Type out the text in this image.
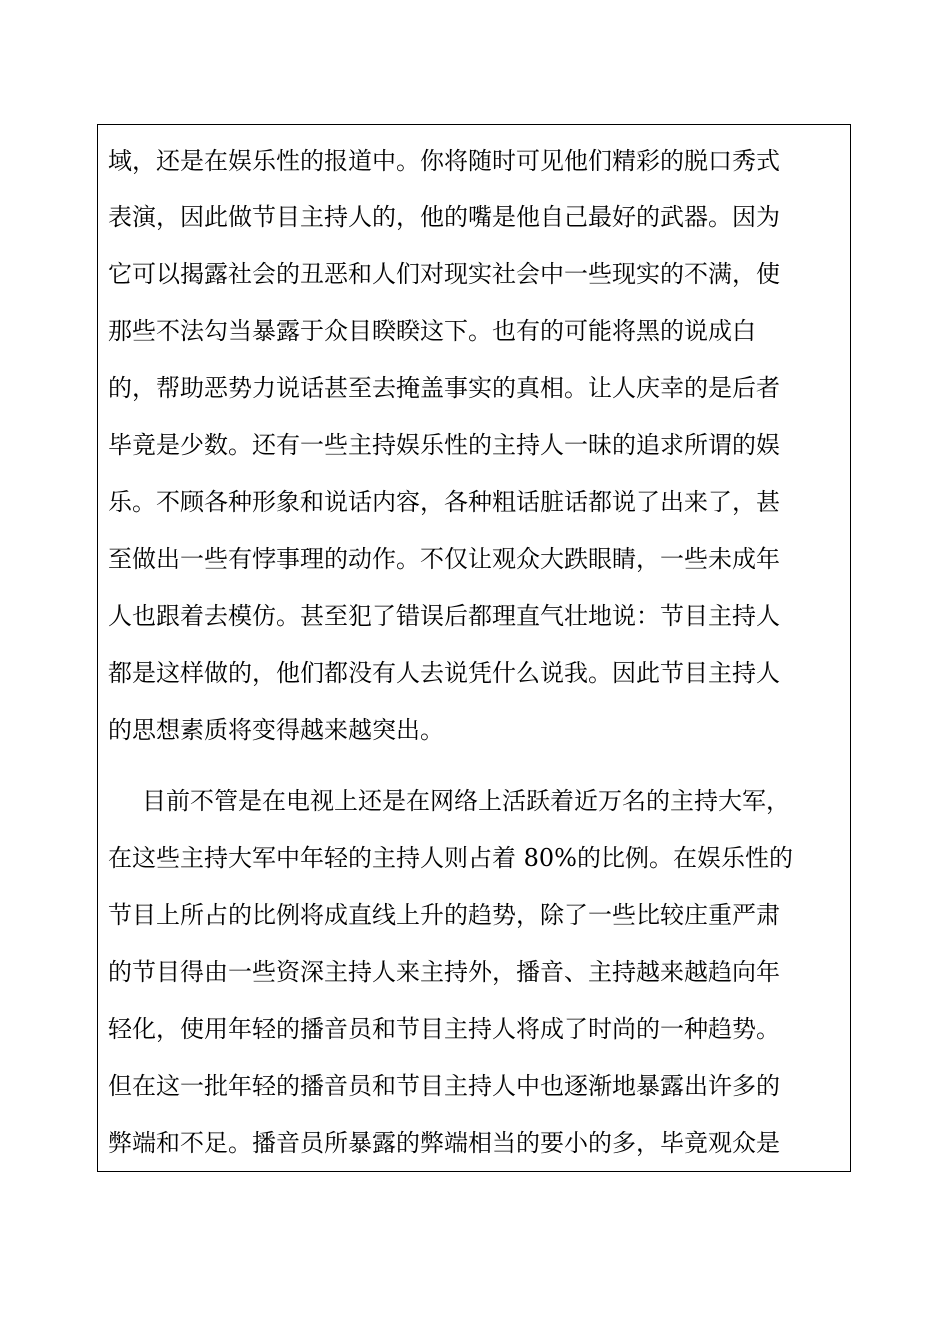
域，还是在娱乐性的报道中。你将随时可见他们精彩的脱口秀式
表演，因此做节目主持人的，他的嘴是他自己最好的武器。因为
它可以揭露社会的丑恶和人们对现实社会中一些现实的不满，使
那些不法勾当暴露于众目睽睽这下。也有的可能将黑的说成白
的，帮助恶势力说话甚至去掩盖事实的真相。让人庆幸的是后者
毕竟是少数。还有一些主持娱乐性的主持人一昧的追求所谓的娱
乐。不顾各种形象和说话内容，各种粗话脏话都说了出来了，甚
至做出一些有悖事理的动作。不仅让观众大跌眼睛，一些未成年
人也跟着去模仿。甚至犯了错误后都理直气壮地说：节目主持人
都是这样做的，他们都没有人去说凭什么说我。因此节目主持人
的思想素质将变得越来越突出。
目前不管是在电视上还是在网络上活跃着近万名的主持大军，
在这些主持大军中年轻的主持人则占着 80%的比例。在娱乐性的
节目上所占的比例将成直线上升的趋势，除了一些比较庄重严肃
的节目得由一些资深主持人来主持外，播音、主持越来越趋向年
轻化，使用年轻的播音员和节目主持人将成了时尚的一种趋势。
但在这一批年轻的播音员和节目主持人中也逐渐地暴露出许多的
弊端和不足。播音员所暴露的弊端相当的要小的多，毕竟观众是
